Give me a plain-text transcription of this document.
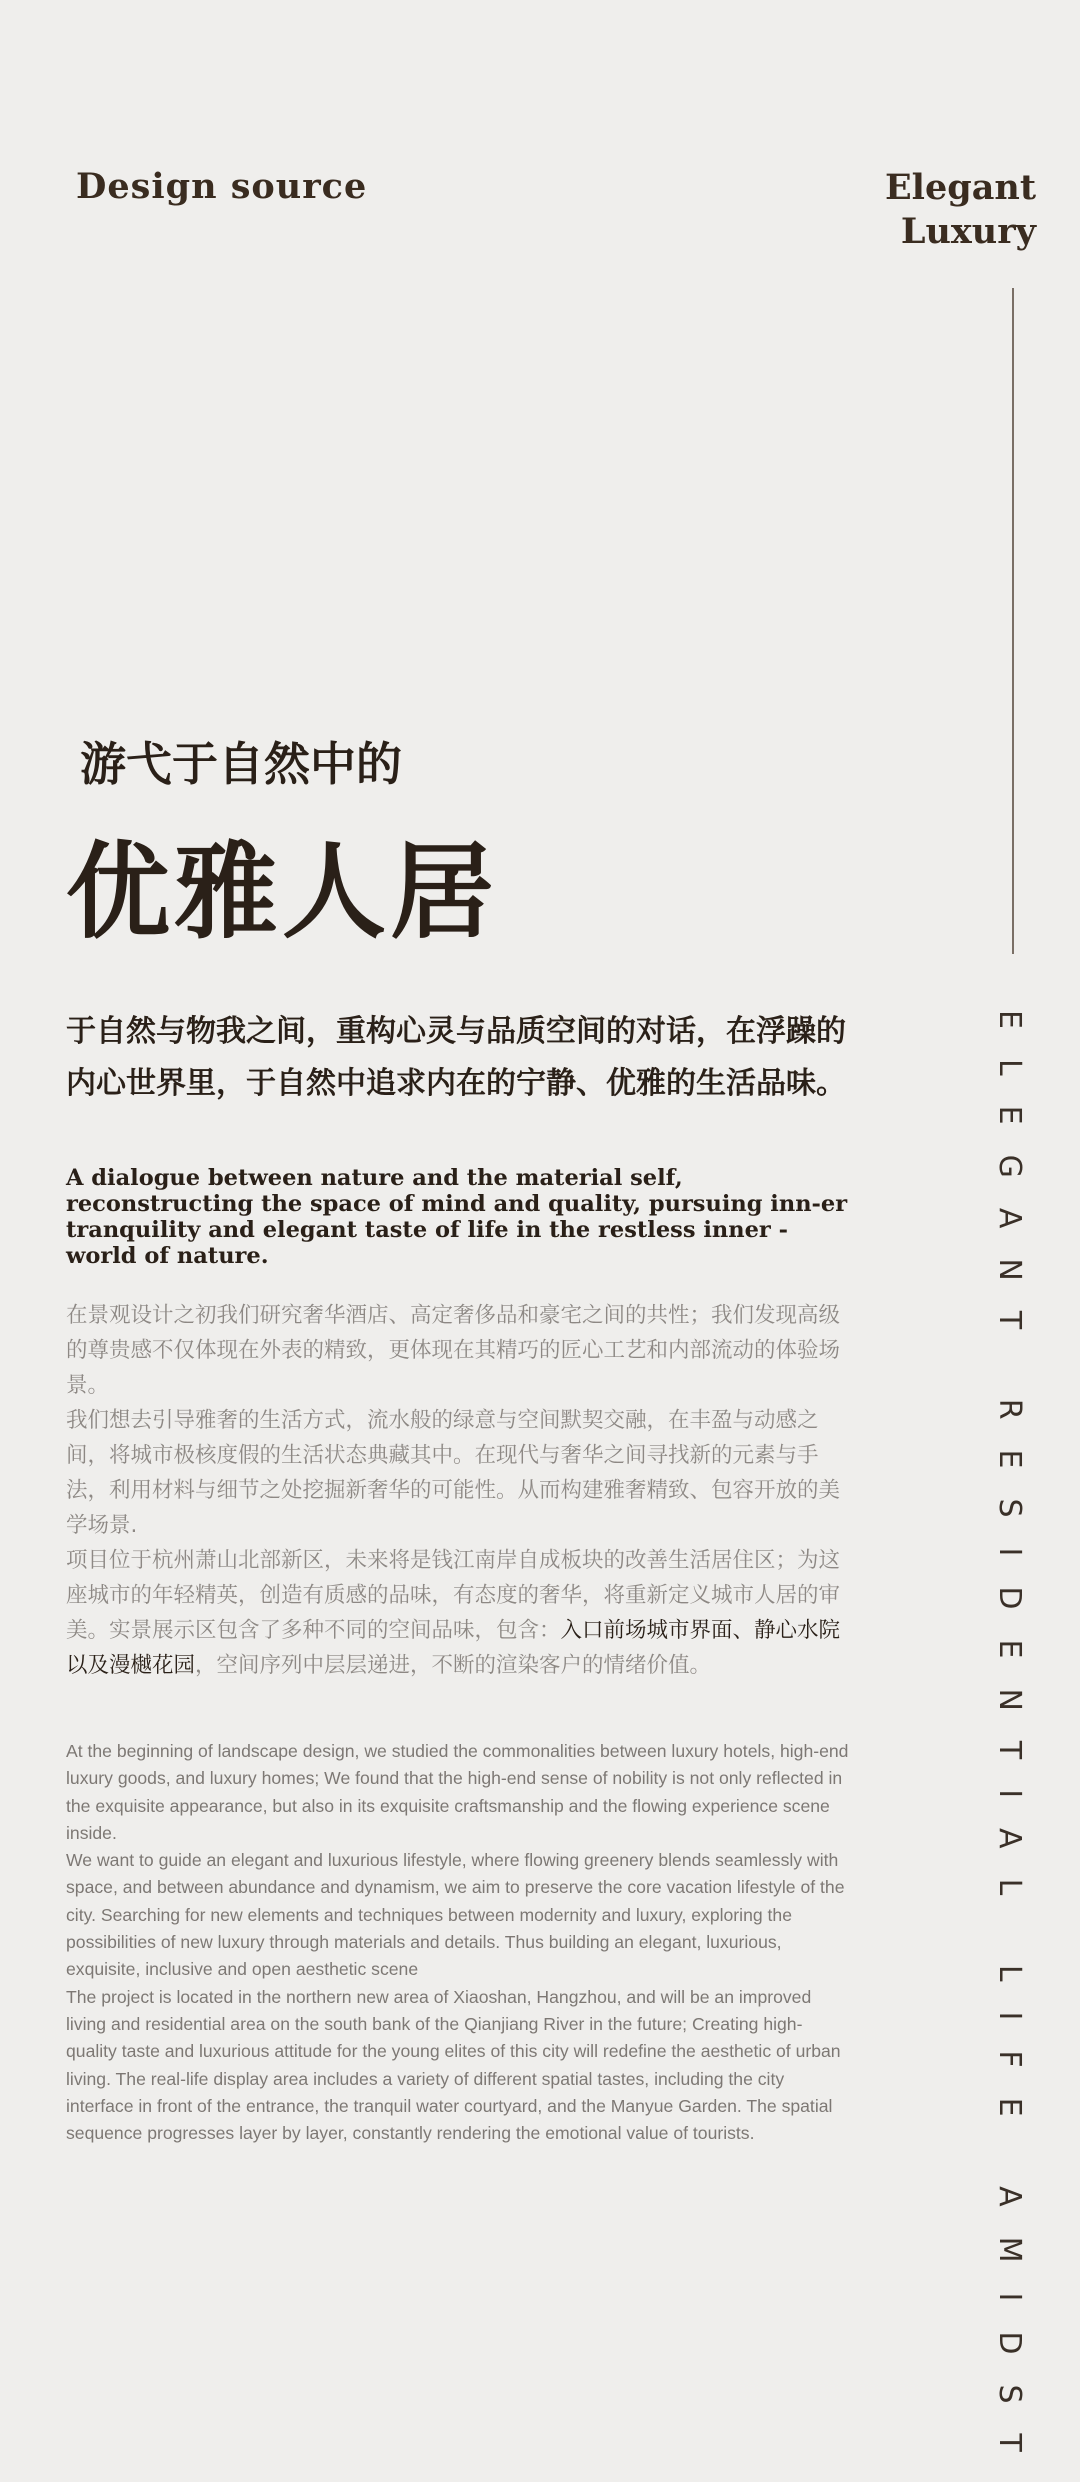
Design source	Elegant
Luxury
ELEGANT RESIDENTIAL LIFE AMIDST
游弋于自然中的
优雅人居
于自然与物我之间，重构心灵与品质空间的对话，在浮躁的内心世界里，于自然中追求内在的宁静、优雅的生活品味。
A dialogue between nature and the material self, reconstructing the space of mind and quality, pursuing inn-er tranquility and elegant taste of life in the restless inner -world of nature.

在景观设计之初我们研究奢华酒店、高定奢侈品和豪宅之间的共性；我们发现高级的尊贵感不仅体现在外表的精致，更体现在其精巧的匠心工艺和内部流动的体验场景。

我们想去引导雅奢的生活方式，流水般的绿意与空间默契交融，在丰盈与动感之间，将城市极核度假的生活状态典藏其中。在现代与奢华之间寻找新的元素与手法，利用材料与细节之处挖掘新奢华的可能性。从而构建雅奢精致、包容开放的美学场景.

项目位于杭州萧山北部新区，未来将是钱江南岸自成板块的改善生活居住区；为这座城市的年轻精英，创造有质感的品味，有态度的奢华，将重新定义城市人居的审美。实景展示区包含了多种不同的空间品味，包含：入口前场城市界面、静心水院以及漫樾花园，空间序列中层层递进，不断的渲染客户的情绪价值。

At the beginning of landscape design, we studied the commonalities between luxury hotels, high-end luxury goods, and luxury homes; We found that the high-end sense of nobility is not only reflected in the exquisite appearance, but also in its exquisite craftsmanship and the flowing experience scene inside.

We want to guide an elegant and luxurious lifestyle, where flowing greenery blends seamlessly with space, and between abundance and dynamism, we aim to preserve the core vacation lifestyle of the city. Searching for new elements and techniques between modernity and luxury, exploring the possibilities of new luxury through materials and details. Thus building an elegant, luxurious, exquisite, inclusive and open aesthetic scene

The project is located in the northern new area of Xiaoshan, Hangzhou, and will be an improved living and residential area on the south bank of the Qianjiang River in the future; Creating high-quality taste and luxurious attitude for the young elites of this city will redefine the aesthetic of urban living. The real-life display area includes a variety of different spatial tastes, including the city interface in front of the entrance, the tranquil water courtyard, and the Manyue Garden. The spatial sequence progresses layer by layer, constantly rendering the emotional value of tourists.
